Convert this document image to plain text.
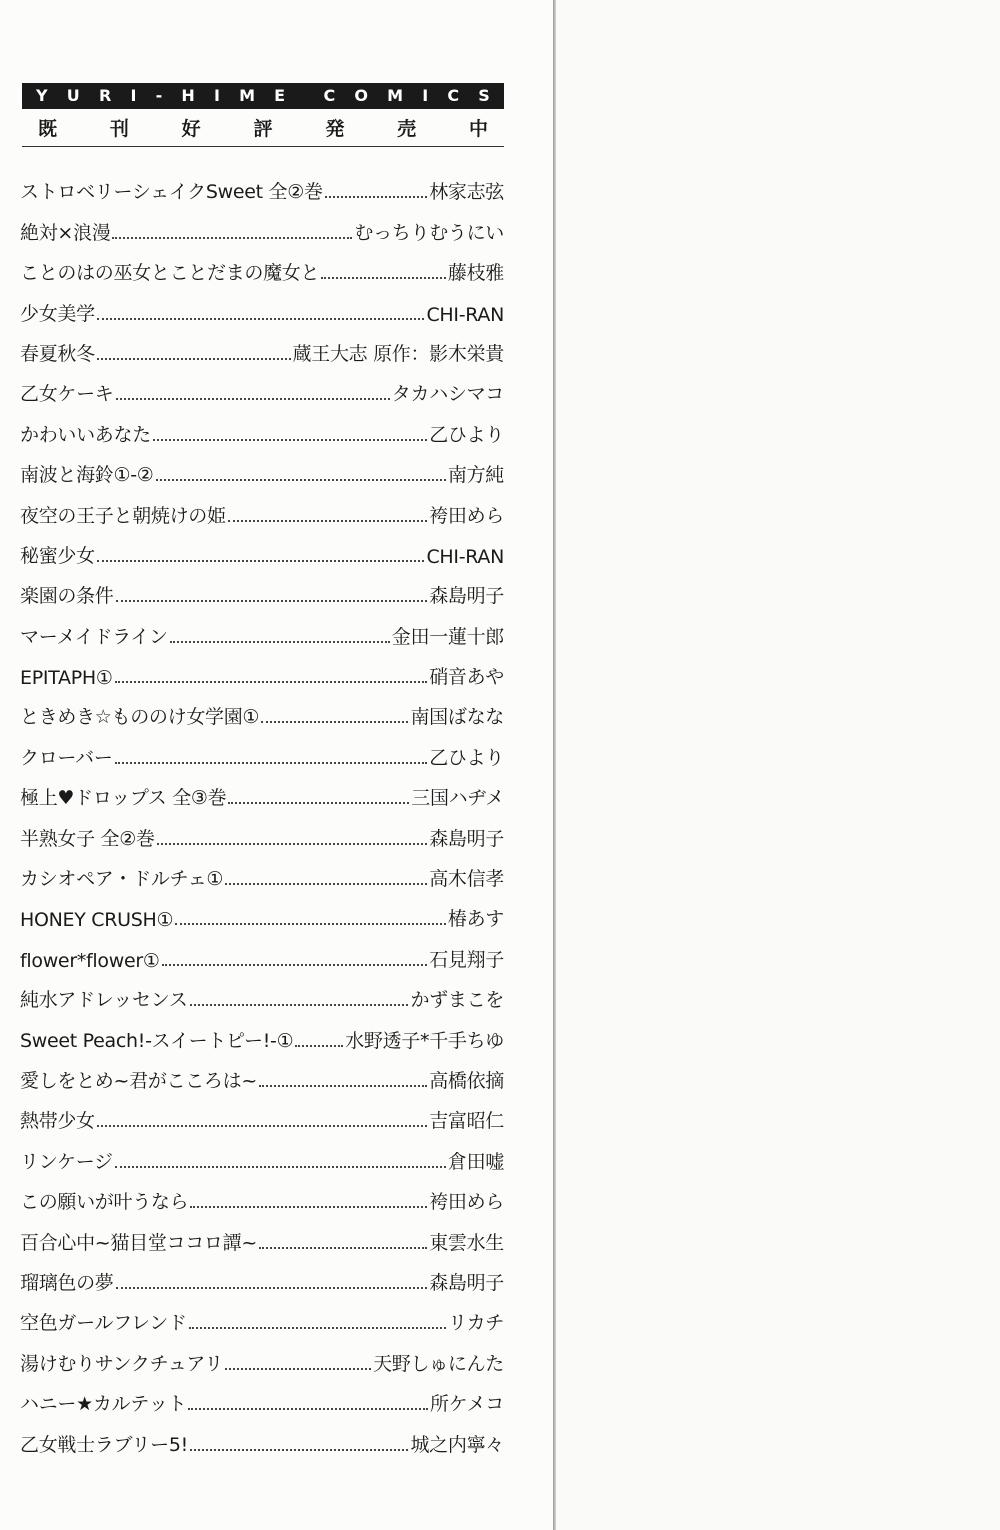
Y U R I - H I M E C O M I C S
既	刊	好	評	発	売	中
ストロベリーシェイクSweet 全②巻	林家志弦
絶対×浪漫	むっちりむうにい
ことのはの巫女とことだまの魔女と	藤枝雅
少女美学	CHI-RAN
春夏秋冬	蔵王大志 原作：影木栄貴
乙女ケーキ	タカハシマコ
かわいいあなた	乙ひより
南波と海鈴①-②	南方純
夜空の王子と朝焼けの姫	袴田めら
秘蜜少女	CHI-RAN
楽園の条件	森島明子
マーメイドライン	金田一蓮十郎
EPITAPH①	硝音あや
ときめき☆もののけ女学園①	南国ばなな
クローバー	乙ひより
極上♥ドロップス 全③巻	三国ハヂメ
半熟女子 全②巻	森島明子
カシオペア・ドルチェ①	高木信孝
HONEY CRUSH①	椿あす
flower*flower①	石見翔子
純水アドレッセンス	かずまこを
Sweet Peach!-スイートピー!-①	水野透子*千手ちゆ
愛しをとめ~君がこころは~	高橋依摘
熱帯少女	吉富昭仁
リンケージ	倉田嘘
この願いが叶うなら	袴田めら
百合心中~猫目堂ココロ譚~	東雲水生
瑠璃色の夢	森島明子
空色ガールフレンド	リカチ
湯けむりサンクチュアリ	天野しゅにんた
ハニー★カルテット	所ケメコ
乙女戦士ラブリー5!	城之内寧々
